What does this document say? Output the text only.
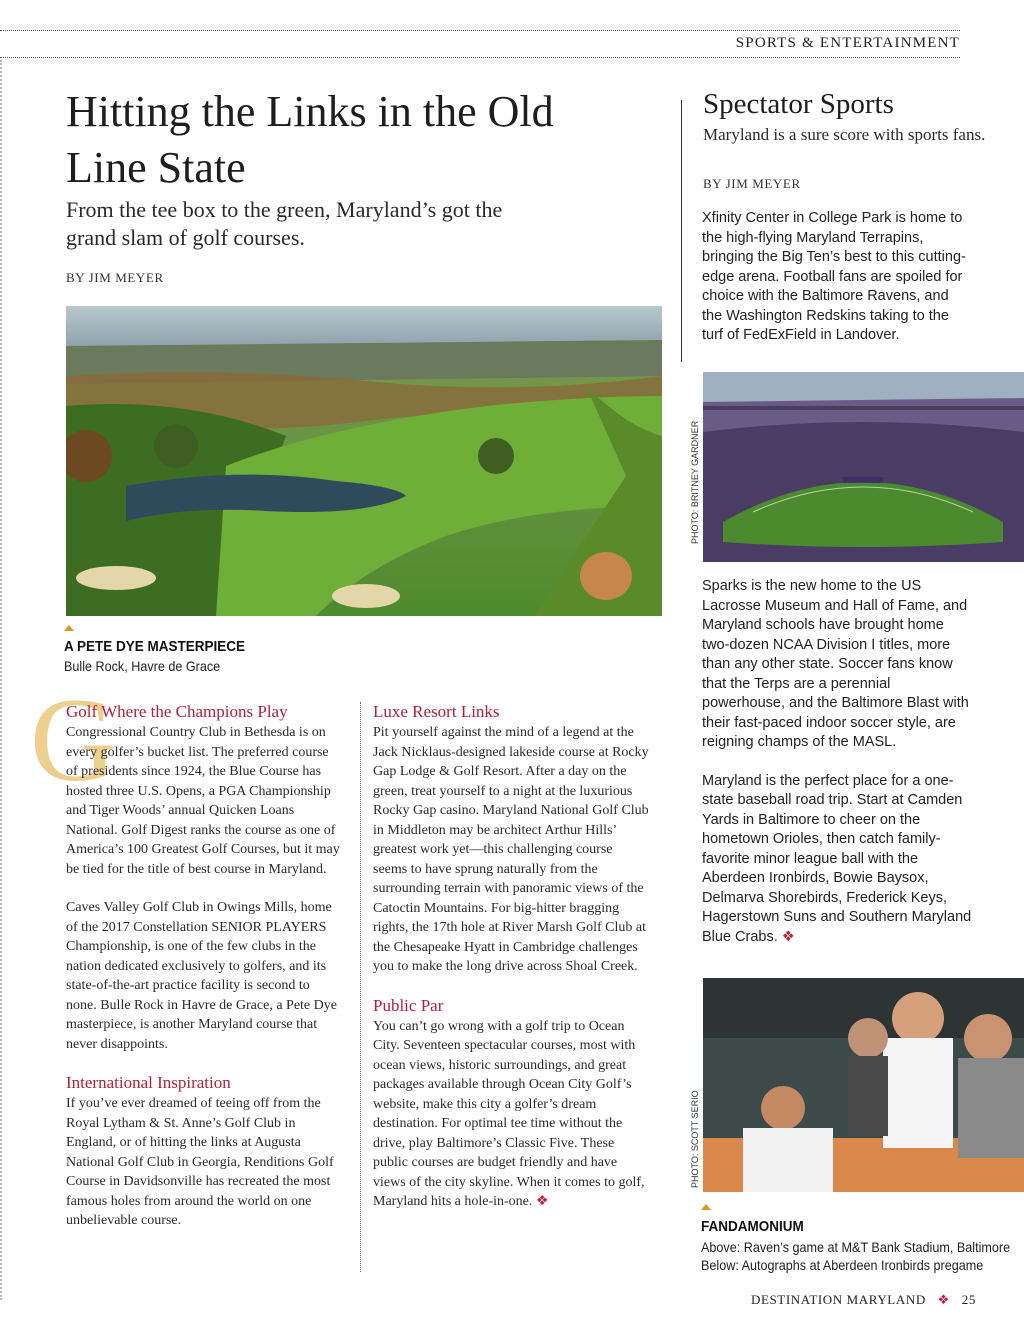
SPORTS & ENTERTAINMENT
Hitting the Links in the Old Line State
From the tee box to the green, Maryland’s got the grand slam of golf courses.
BY JIM MEYER
A PETE DYE MASTERPIECE
Bulle Rock, Havre de Grace
G
Golf Where the Champions Play

Congressional Country Club in Bethesda is on every golfer’s bucket list. The preferred course of presidents since 1924, the Blue Course has hosted three U.S. Opens, a PGA Championship and Tiger Woods’ annual Quicken Loans National. Golf Digest ranks the course as one of America’s 100 Greatest Golf Courses, but it may be tied for the title of best course in Maryland.

Caves Valley Golf Club in Owings Mills, home of the 2017 Constellation SENIOR PLAYERS Championship, is one of the few clubs in the nation dedicated exclusively to golfers, and its state-of-the-art practice facility is second to none. Bulle Rock in Havre de Grace, a Pete Dye masterpiece, is another Maryland course that never disappoints.

International Inspiration

If you’ve ever dreamed of teeing off from the Royal Lytham & St. Anne’s Golf Club in England, or of hitting the links at Augusta National Golf Club in Georgia, Renditions Golf Course in Davidsonville has recreated the most famous holes from around the world on one unbelievable course.

Luxe Resort Links

Pit yourself against the mind of a legend at the Jack Nicklaus-designed lakeside course at Rocky Gap Lodge & Golf Resort. After a day on the green, treat yourself to a night at the luxurious Rocky Gap casino. Maryland National Golf Club in Middleton may be architect Arthur Hills’ greatest work yet—this challenging course seems to have sprung naturally from the surrounding terrain with panoramic views of the Catoctin Mountains. For big-hitter bragging rights, the 17th hole at River Marsh Golf Club at the Chesapeake Hyatt in Cambridge challenges you to make the long drive across Shoal Creek.

Public Par

You can’t go wrong with a golf trip to Ocean City. Seventeen spectacular courses, most with ocean views, historic surroundings, and great packages available through Ocean City Golf’s website, make this city a golfer’s dream destination. For optimal tee time without the drive, play Baltimore’s Classic Five. These public courses are budget friendly and have views of the city skyline. When it comes to golf, Maryland hits a hole-in-one. ❖

Spectator Sports
Maryland is a sure score with sports fans.
BY JIM MEYER

Xfinity Center in College Park is home to the high-flying Maryland Terrapins, bringing the Big Ten’s best to this cutting-edge arena. Football fans are spoiled for choice with the Baltimore Ravens, and the Washington Redskins taking to the turf of FedExField in Landover.

PHOTO: BRITNEY GARDNER

Sparks is the new home to the US Lacrosse Museum and Hall of Fame, and Maryland schools have brought home two-dozen NCAA Division I titles, more than any other state. Soccer fans know that the Terps are a perennial powerhouse, and the Baltimore Blast with their fast-paced indoor soccer style, are reigning champs of the MASL.

Maryland is the perfect place for a one-state baseball road trip. Start at Camden Yards in Baltimore to cheer on the hometown Orioles, then catch family-favorite minor league ball with the Aberdeen Ironbirds, Bowie Baysox, Delmarva Shorebirds, Frederick Keys, Hagerstown Suns and Southern Maryland Blue Crabs. ❖

PHOTO: SCOTT SERIO
FANDAMONIUM
Above: Raven’s game at M&T Bank Stadium, Baltimore
Below: Autographs at Aberdeen Ironbirds pregame
DESTINATION MARYLAND ❖ 25
